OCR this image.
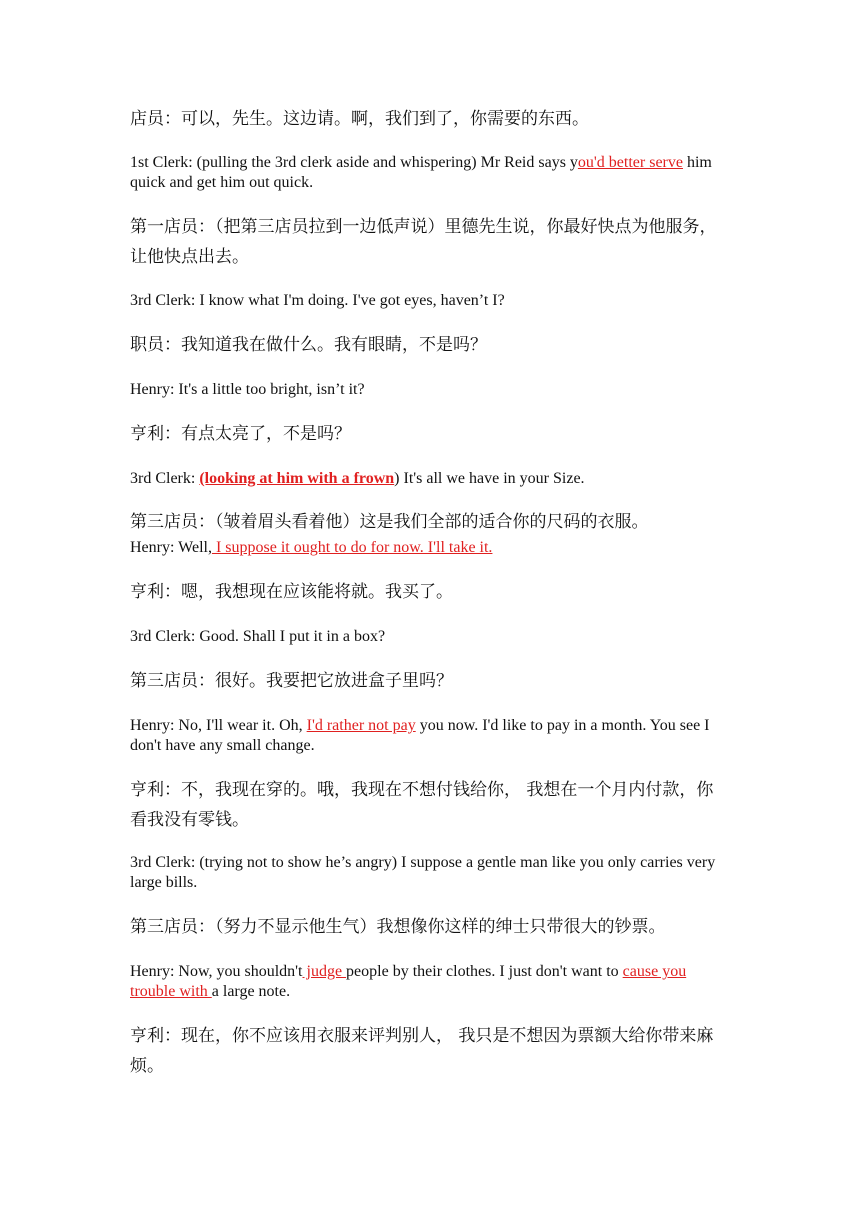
店员：可以，先生。这边请。啊，我们到了，你需要的东西。

1st Clerk: (pulling the 3rd clerk aside and whispering) Mr Reid says you'd better serve him quick and get him out quick.

第一店员：（把第三店员拉到一边低声说）里德先生说，你最好快点为他服务，让他快点出去。

3rd Clerk: I know what I'm doing. I've got eyes, haven’t I?

职员：我知道我在做什么。我有眼睛，不是吗？

Henry: It's a little too bright, isn’t it?

亨利：有点太亮了，不是吗？

3rd Clerk: (looking at him with a frown) It's all we have in your Size.

第三店员：（皱着眉头看着他）这是我们全部的适合你的尺码的衣服。

Henry: Well, I suppose it ought to do for now. I'll take it.

亨利：嗯，我想现在应该能将就。我买了。

3rd Clerk: Good. Shall I put it in a box?

第三店员：很好。我要把它放进盒子里吗？

Henry: No, I'll wear it. Oh, I'd rather not pay you now. I'd like to pay in a month. You see I don't have any small change.

亨利：不，我现在穿的。哦，我现在不想付钱给你， 我想在一个月内付款，你看我没有零钱。

3rd Clerk: (trying not to show he’s angry) I suppose a gentle man like you only carries very large bills.

第三店员：（努力不显示他生气）我想像你这样的绅士只带很大的钞票。

Henry: Now, you shouldn't judge people by their clothes. I just don't want to cause you trouble with a large note.

亨利：现在，你不应该用衣服来评判别人， 我只是不想因为票额大给你带来麻烦。
